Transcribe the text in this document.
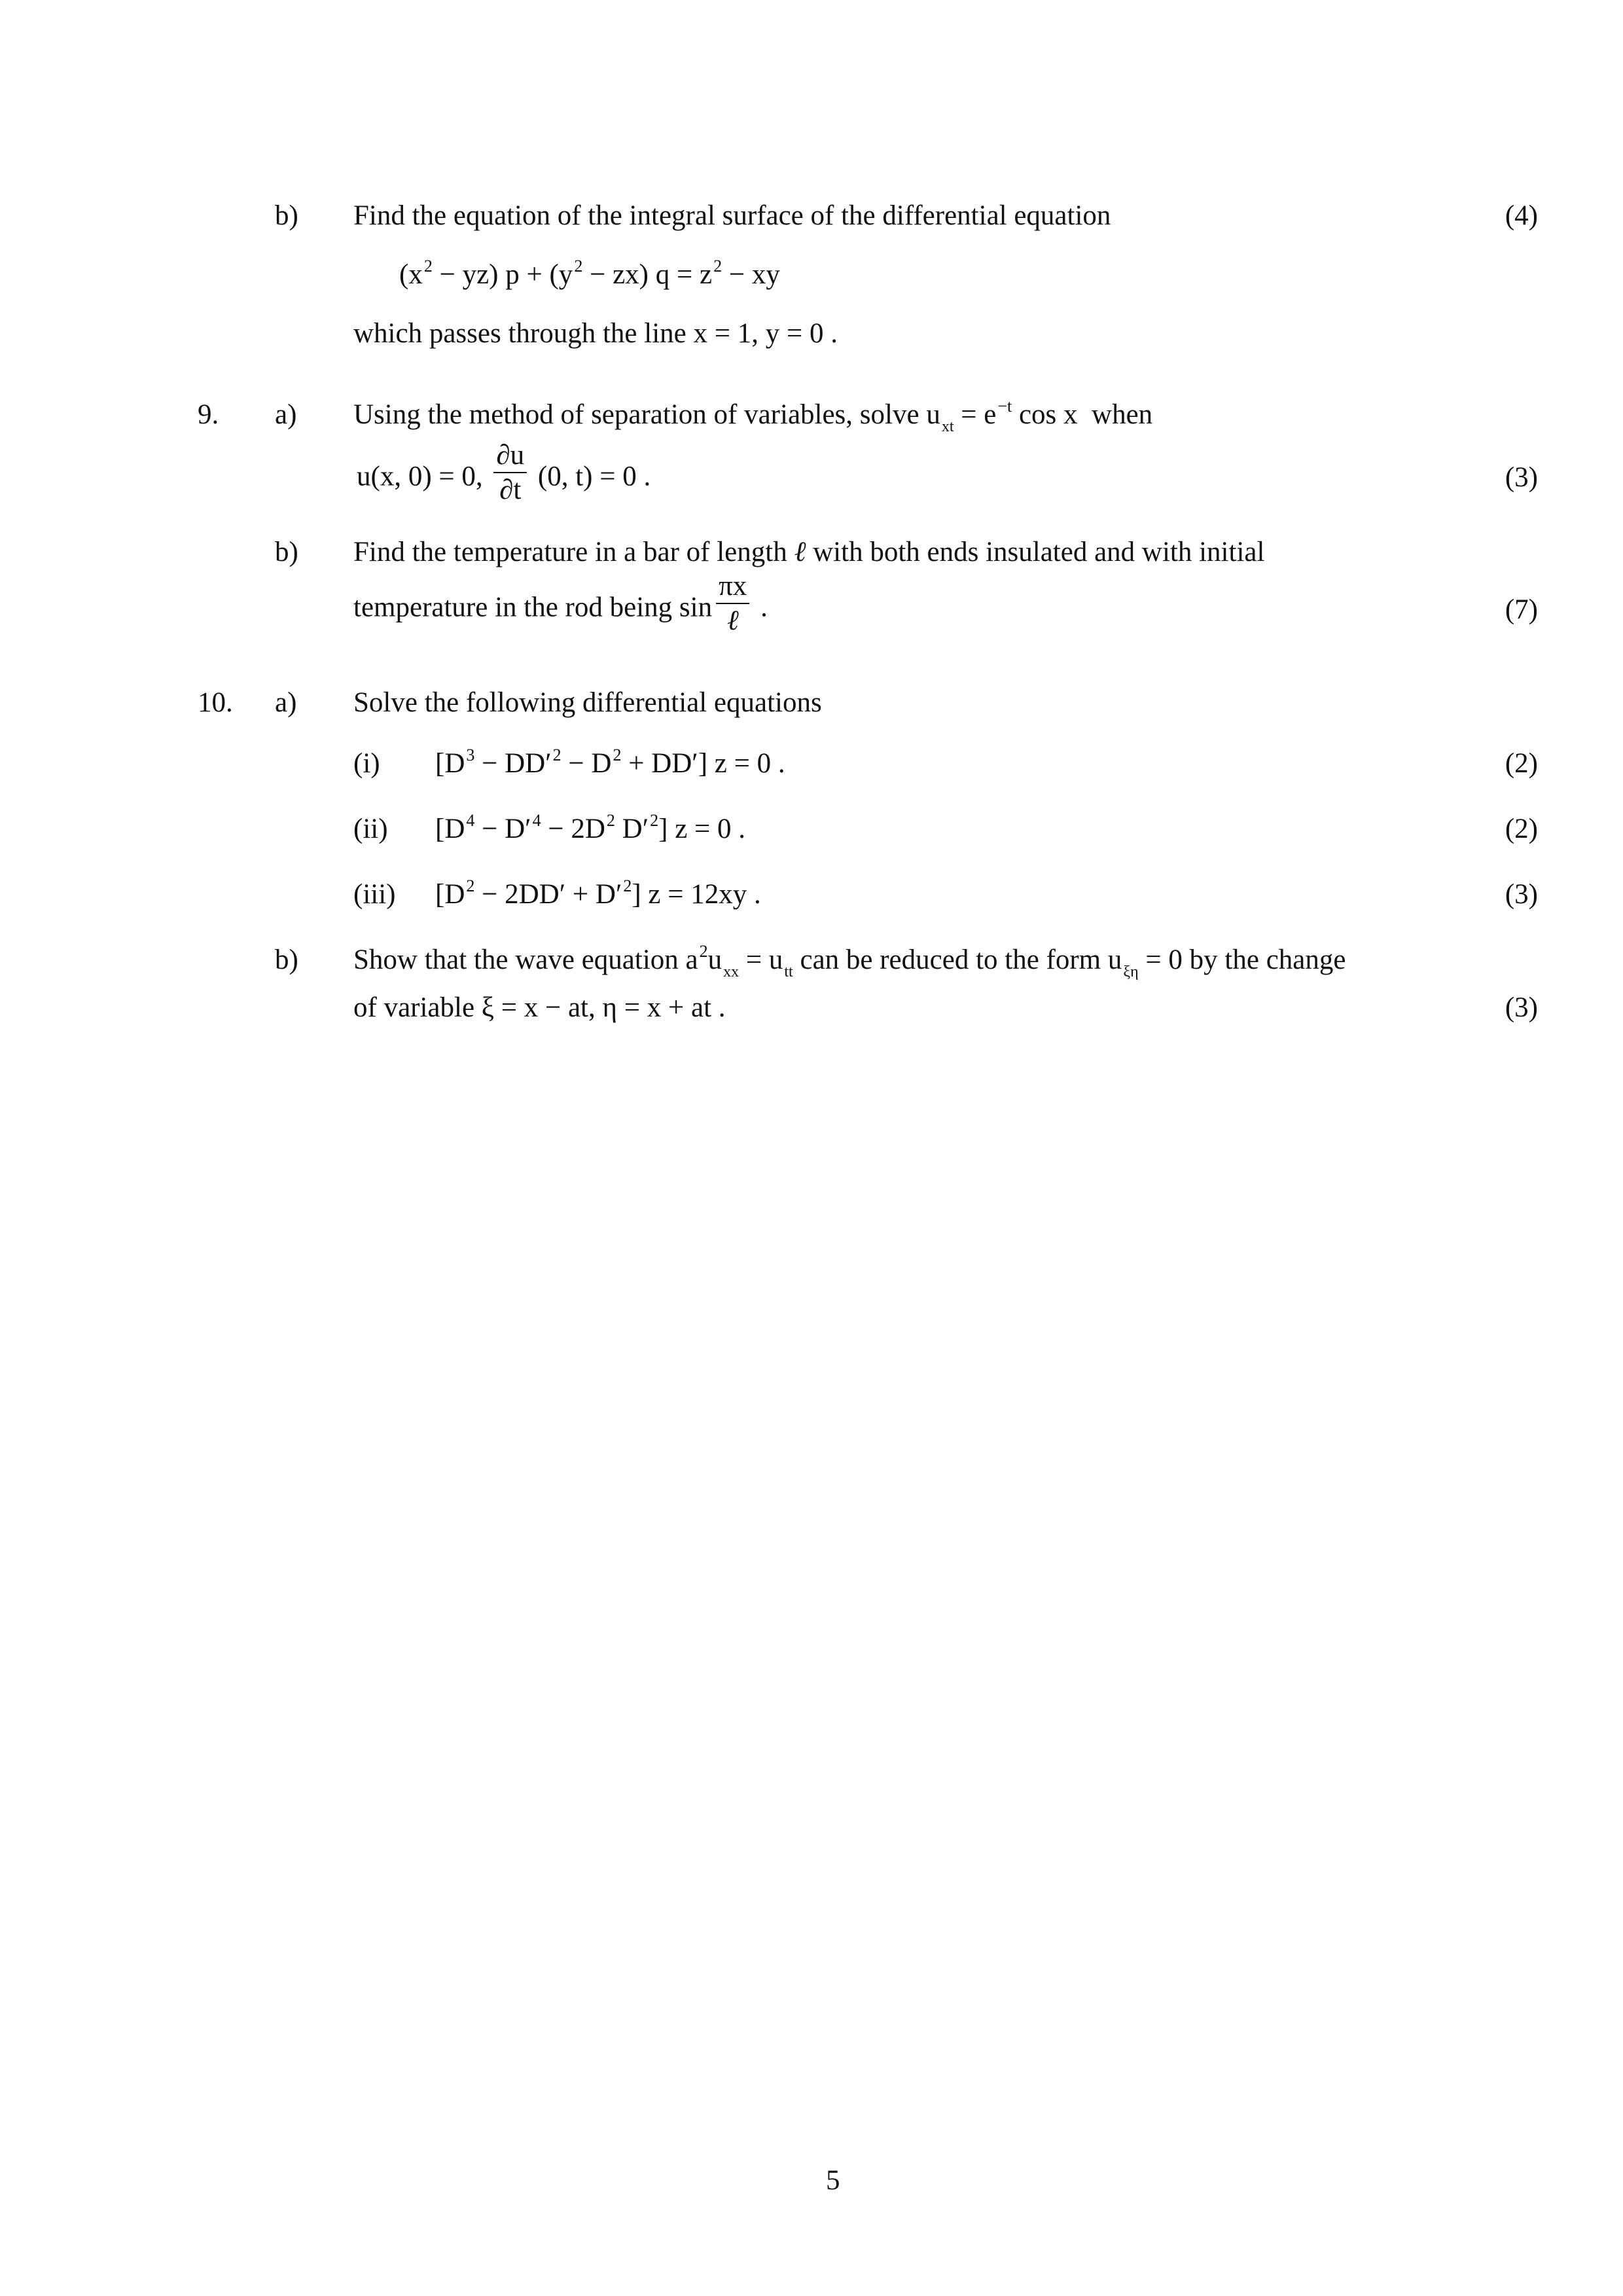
b) Find the equation of the integral surface of the differential equation	(4)
$(x^2 - yz) p + (y^2 - zx) q = z^2$ − xy
which passes through the line x = 1, y = 0 .
9. a) Using the method of separation of variables, solve $u_{xt} = e^{-t}$ cos x  when
u(x, 0) = 0, $\frac{\partial u}{\partial t} (0$, t) = 0 .	(3)
b) Find the temperature in a bar of length ℓ with both ends insulated and with initial
temperature in the rod being $\sin \frac{\pi x}{\text{ℓ}}$ .	(7)
10. a) Solve the following differential equations
(i) $[D^3 - DD'^2 - D^2 + DD'] z = 0$ .	(2)
(ii) [$D^4 - D'^4 - 2D^2$ $D'^2$] z = 0 .	(2)
(iii) $[D^2 - 2DD' + D'^2] z = 12xy$ .	(3)
b) Show that the wave equation $a^2u_{xx} = u_{tt}$ can be reduced to the form $u_{\xi\eta} = 0$ by the change
of variable ξ = x − at, η = x + at .	(3)
5
